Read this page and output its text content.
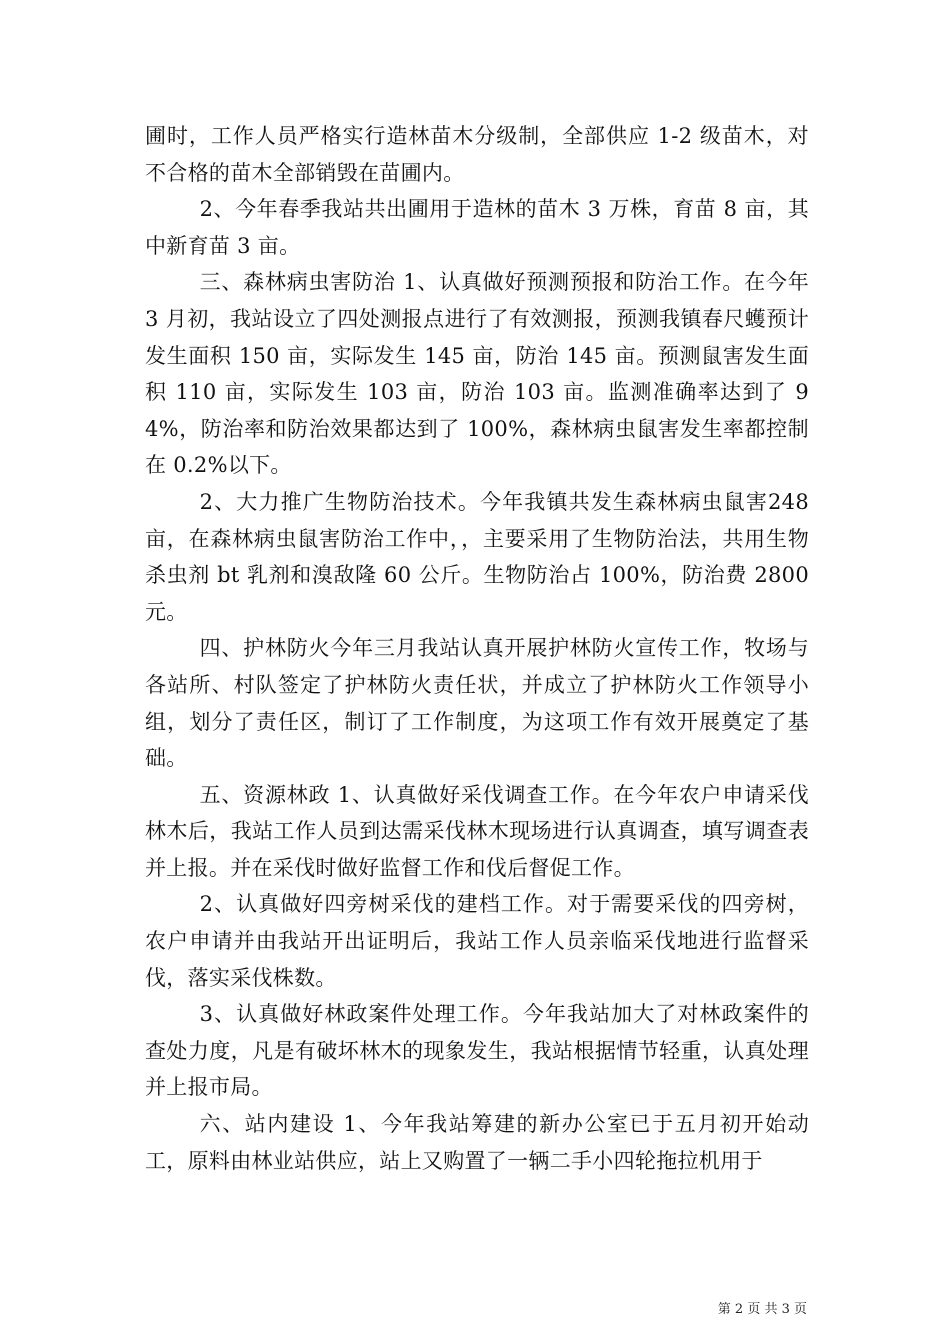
圃时，工作人员严格实行造林苗木分级制，全部供应 1-2 级苗木，对不合格的苗木全部销毁在苗圃内。

2、今年春季我站共出圃用于造林的苗木 3 万株，育苗 8 亩，其中新育苗 3 亩。

三、森林病虫害防治 1、认真做好预测预报和防治工作。在今年 3 月初，我站设立了四处测报点进行了有效测报，预测我镇春尺蠖预计发生面积 150 亩，实际发生 145 亩，防治 145 亩。预测鼠害发生面积 110 亩，实际发生 103 亩，防治 103 亩。监测准确率达到了 94%，防治率和防治效果都达到了 100%，森林病虫鼠害发生率都控制在 0.2%以下。

2、大力推广生物防治技术。今年我镇共发生森林病虫鼠害248 亩，在森林病虫鼠害防治工作中，，主要采用了生物防治法，共用生物杀虫剂 bt 乳剂和溴敌隆 60 公斤。生物防治占 100%，防治费 2800 元。

四、护林防火今年三月我站认真开展护林防火宣传工作，牧场与各站所、村队签定了护林防火责任状，并成立了护林防火工作领导小组，划分了责任区，制订了工作制度，为这项工作有效开展奠定了基础。

五、资源林政 1、认真做好采伐调查工作。在今年农户申请采伐林木后，我站工作人员到达需采伐林木现场进行认真调查，填写调查表并上报。并在采伐时做好监督工作和伐后督促工作。

2、认真做好四旁树采伐的建档工作。对于需要采伐的四旁树，农户申请并由我站开出证明后，我站工作人员亲临采伐地进行监督采伐，落实采伐株数。

3、认真做好林政案件处理工作。今年我站加大了对林政案件的查处力度，凡是有破坏林木的现象发生，我站根据情节轻重，认真处理并上报市局。

六、站内建设 1、今年我站筹建的新办公室已于五月初开始动工，原料由林业站供应，站上又购置了一辆二手小四轮拖拉机用于

第 2 页 共 3 页
